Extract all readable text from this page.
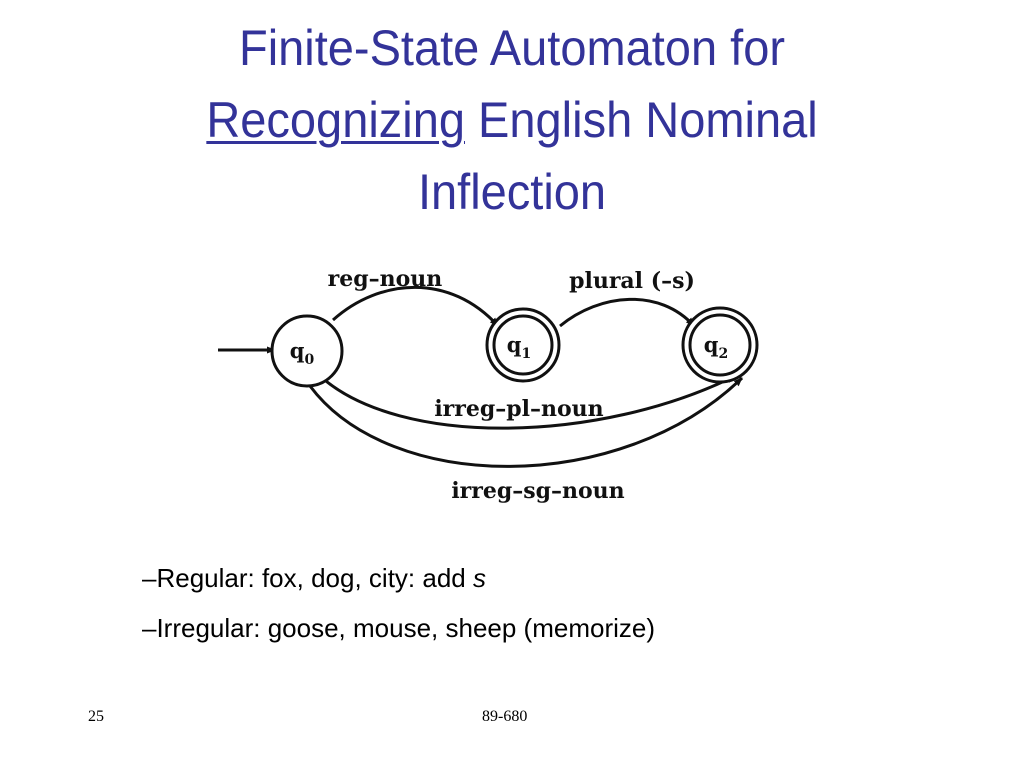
Finite-State Automaton for
Recognizing English Nominal
Inflection
$q_0$
$q_1$	$q_2$
reg–noun	plural (–s)
irreg–pl–noun
irreg–sg–noun
–Regular: fox, dog, city: add s
–Irregular: goose, mouse, sheep (memorize)
25	89-680
